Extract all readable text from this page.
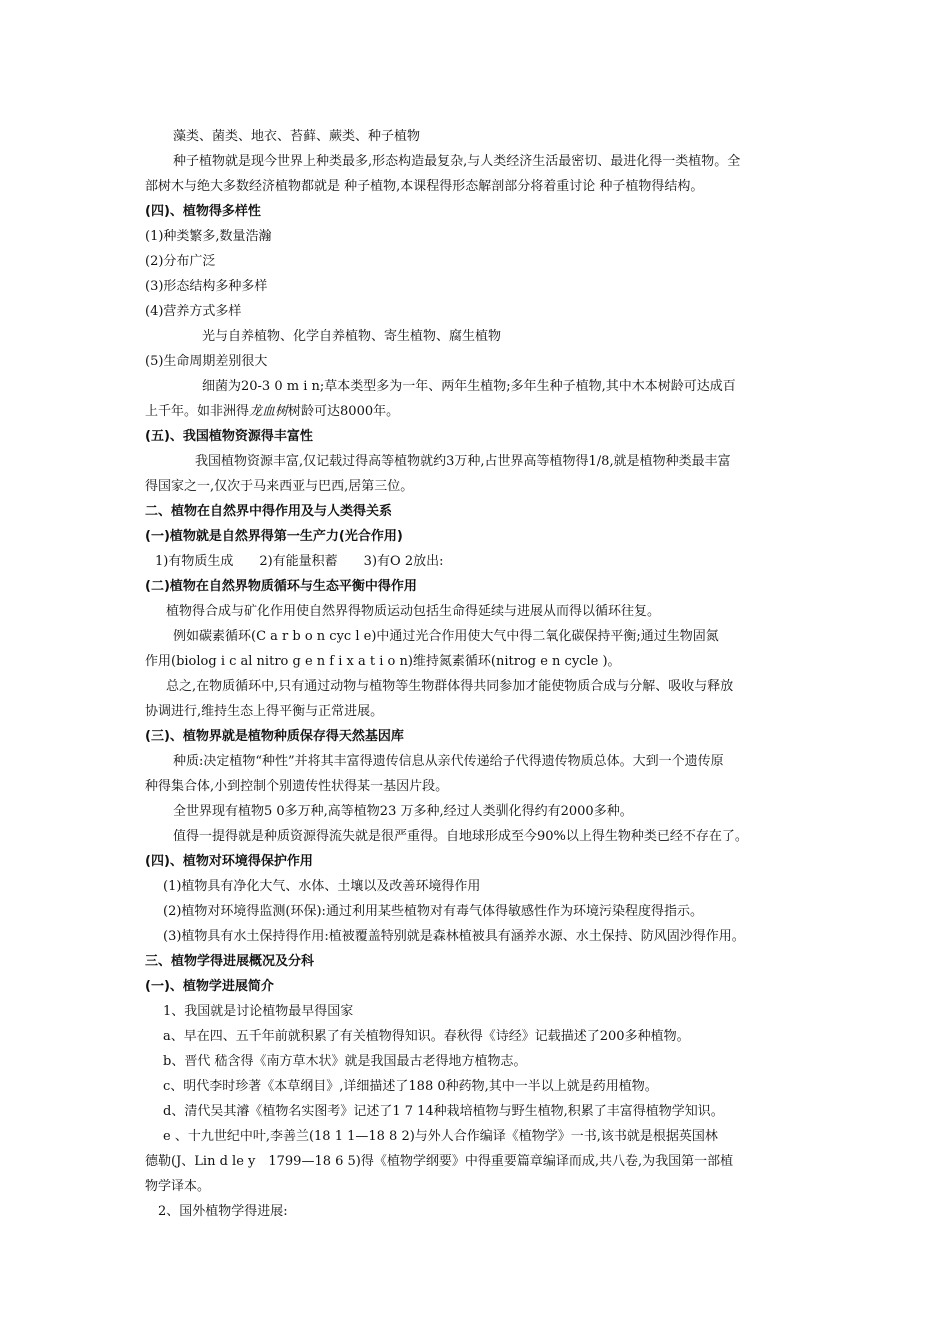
藻类、菌类、地衣、苔藓、蕨类、种子植物
种子植物就是现今世界上种类最多,形态构造最复杂,与人类经济生活最密切、最进化得一类植物。全
部树木与绝大多数经济植物都就是 种子植物,本课程得形态解剖部分将着重讨论 种子植物得结构。
(四)、植物得多样性
(1)种类繁多,数量浩瀚
(2)分布广泛
(3)形态结构多种多样
(4)营养方式多样
光与自养植物、化学自养植物、寄生植物、腐生植物
(5)生命周期差别很大
细菌为20-3 0 m i n;草本类型多为一年、两年生植物;多年生种子植物,其中木本树龄可达成百
上千年。如非洲得龙血树树龄可达8000年。
(五)、我国植物资源得丰富性
我国植物资源丰富,仅记载过得高等植物就约3万种,占世界高等植物得1/8,就是植物种类最丰富
得国家之一,仅次于马来西亚与巴西,居第三位。
二、植物在自然界中得作用及与人类得关系
(一)植物就是自然界得第一生产力(光合作用)
1)有物质生成　　2)有能量积蓄　　3)有O 2放出:
(二)植物在自然界物质循环与生态平衡中得作用
植物得合成与矿化作用使自然界得物质运动包括生命得延续与进展从而得以循环往复。
例如碳素循环(C a r b o n cyc l e)中通过光合作用使大气中得二氧化碳保持平衡;通过生物固氮
作用(biolog i c al nitro g e n f i x a t i o n)维持氮素循环(nitrog e n cycle )。
总之,在物质循环中,只有通过动物与植物等生物群体得共同参加才能使物质合成与分解、吸收与释放
协调进行,维持生态上得平衡与正常进展。
(三)、植物界就是植物种质保存得天然基因库
种质:决定植物“种性”并将其丰富得遗传信息从亲代传递给子代得遗传物质总体。大到一个遗传原
种得集合体,小到控制个别遗传性状得某一基因片段。
全世界现有植物5 0多万种,高等植物23 万多种,经过人类驯化得约有2000多种。
值得一提得就是种质资源得流失就是很严重得。自地球形成至今90%以上得生物种类已经不存在了。
(四)、植物对环境得保护作用
(1)植物具有净化大气、水体、土壤以及改善环境得作用
(2)植物对环境得监测(环保):通过利用某些植物对有毒气体得敏感性作为环境污染程度得指示。
(3)植物具有水土保持得作用:植被覆盖特别就是森林植被具有涵养水源、水土保持、防风固沙得作用。
三、植物学得进展概况及分科
(一)、植物学进展简介
1、我国就是讨论植物最早得国家
a、早在四、五千年前就积累了有关植物得知识。春秋得《诗经》记载描述了200多种植物。
b、晋代 嵇含得《南方草木状》就是我国最古老得地方植物志。
c、明代李时珍著《本草纲目》,详细描述了188 0种药物,其中一半以上就是药用植物。
d、清代吴其濬《植物名实图考》记述了1 7 14种栽培植物与野生植物,积累了丰富得植物学知识。
e 、十九世纪中叶,李善兰(18 1 1—18 8 2)与外人合作编译《植物学》一书,该书就是根据英国林
德勒(J、Lin d le y　1799—18 6 5)得《植物学纲要》中得重要篇章编译而成,共八卷,为我国第一部植
物学译本。
2、国外植物学得进展:
